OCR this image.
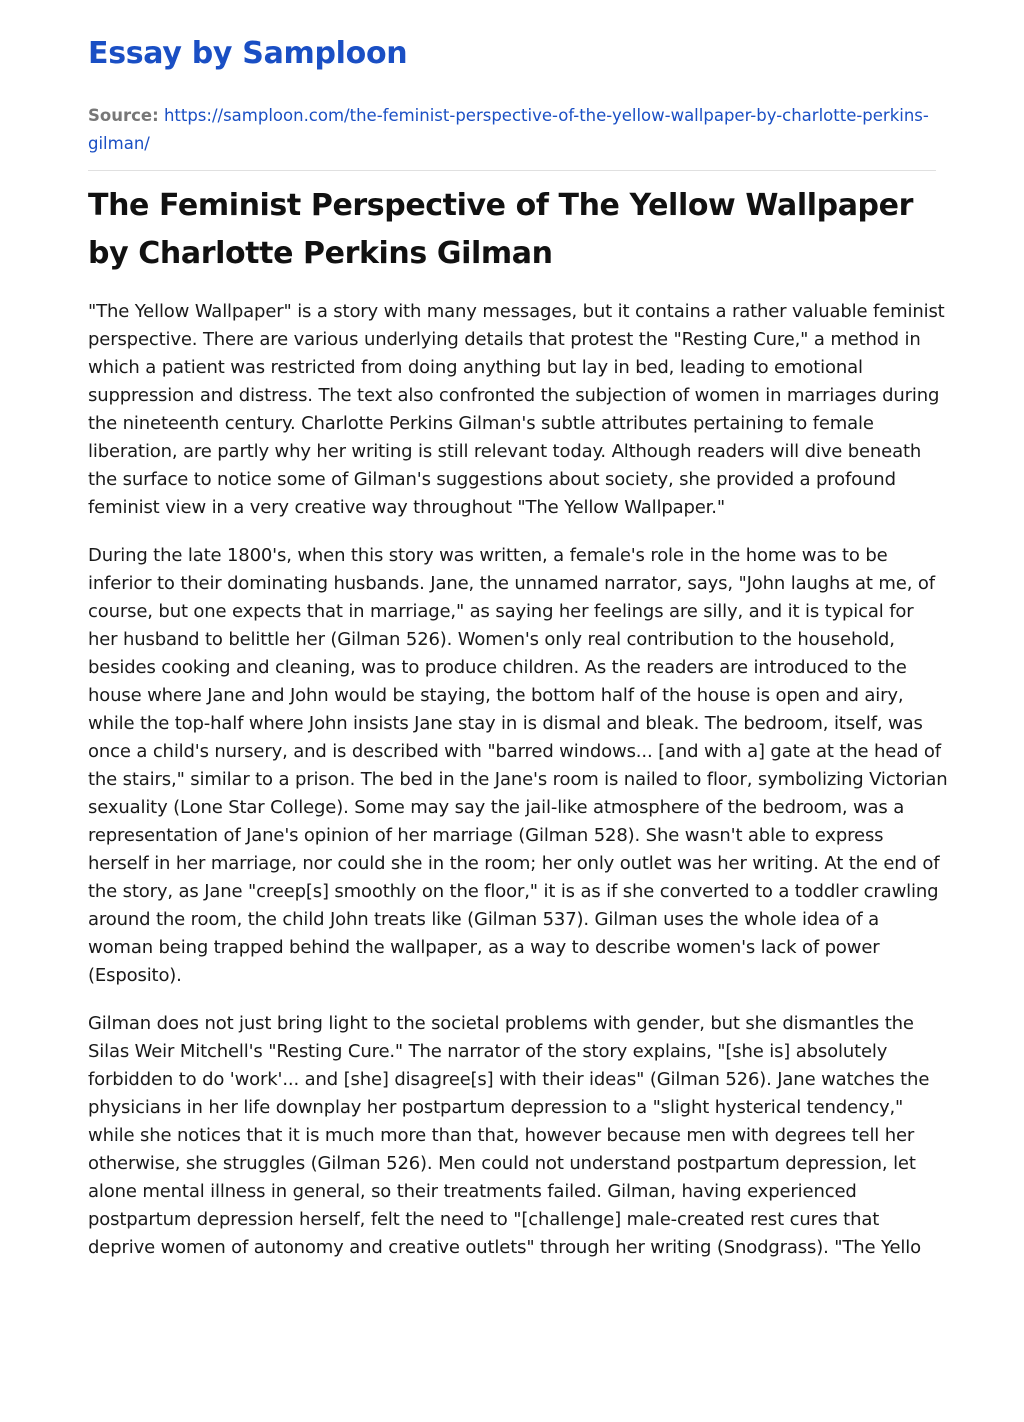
Essay by Samploon
Source: https://samploon.com/the-feminist-perspective-of-the-yellow-wallpaper-by-charlotte-perkins-gilman/
The Feminist Perspective of The Yellow Wallpaper by Charlotte Perkins Gilman

"The Yellow Wallpaper" is a story with many messages, but it contains a rather valuable feminist perspective. There are various underlying details that protest the "Resting Cure," a method in which a patient was restricted from doing anything but lay in bed, leading to emotional suppression and distress. The text also confronted the subjection of women in marriages during the nineteenth century. Charlotte Perkins Gilman's subtle attributes pertaining to female liberation, are partly why her writing is still relevant today. Although readers will dive beneath the surface to notice some of Gilman's suggestions about society, she provided a profound feminist view in a very creative way throughout "The Yellow Wallpaper."

During the late 1800's, when this story was written, a female's role in the home was to be inferior to their dominating husbands. Jane, the unnamed narrator, says, "John laughs at me, of course, but one expects that in marriage," as saying her feelings are silly, and it is typical for her husband to belittle her (Gilman 526). Women's only real contribution to the household, besides cooking and cleaning, was to produce children. As the readers are introduced to the house where Jane and John would be staying, the bottom half of the house is open and airy, while the top-half where John insists Jane stay in is dismal and bleak. The bedroom, itself, was once a child's nursery, and is described with "barred windows... [and with a] gate at the head of the stairs," similar to a prison. The bed in the Jane's room is nailed to floor, symbolizing Victorian sexuality (Lone Star College). Some may say the jail-like atmosphere of the bedroom, was a representation of Jane's opinion of her marriage (Gilman 528). She wasn't able to express herself in her marriage, nor could she in the room; her only outlet was her writing. At the end of the story, as Jane "creep[s] smoothly on the floor," it is as if she converted to a toddler crawling around the room, the child John treats like (Gilman 537). Gilman uses the whole idea of a woman being trapped behind the wallpaper, as a way to describe women's lack of power (Esposito).

Gilman does not just bring light to the societal problems with gender, but she dismantles the Silas Weir Mitchell's "Resting Cure." The narrator of the story explains, "[she is] absolutely forbidden to do 'work'... and [she] disagree[s] with their ideas" (Gilman 526). Jane watches the physicians in her life downplay her postpartum depression to a "slight hysterical tendency," while she notices that it is much more than that, however because men with degrees tell her otherwise, she struggles (Gilman 526). Men could not understand postpartum depression, let alone mental illness in general, so their treatments failed. Gilman, having experienced postpartum depression herself, felt the need to "[challenge] male-created rest cures that deprive women of autonomy and creative outlets" through her writing (Snodgrass). "The Yello
